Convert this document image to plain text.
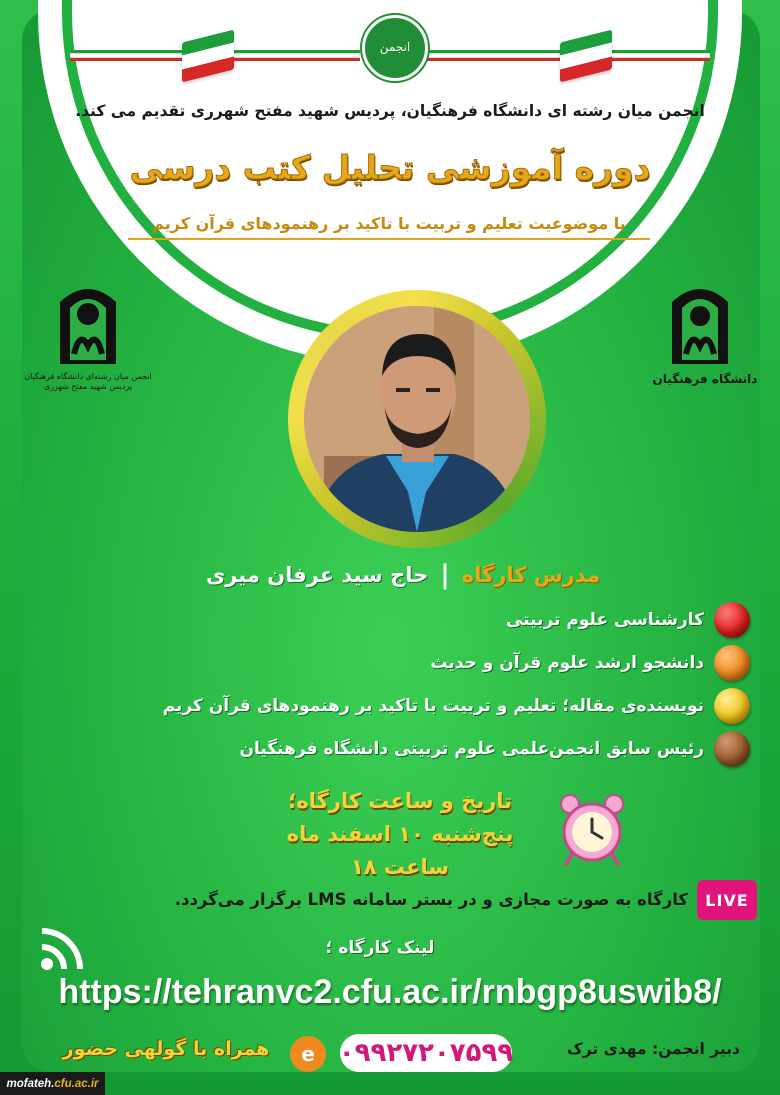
انجمن
انجمن میان رشته ای دانشگاه فرهنگیان، پردیس شهید مفتح شهرری تقدیم می کند.
دوره آموزشی تحلیل کتب درسی
با موضوعیت تعلیم و تربیت با تاکید بر رهنمودهای قرآن کریم
انجمن میان رشته‌ای دانشگاه فرهنگیان
پردیس شهید مفتح شهرری
دانشگاه فرهنگیان
مدرس کارگاه
|
حاج سید عرفان میری
کارشناسی علوم تربیتی
دانشجو ارشد علوم قرآن و حدیث
نویسنده‌ی مقاله؛ تعلیم و تربیت با تاکید بر رهنمودهای قرآن کریم
رئیس سابق انجمن‌علمی علوم تربیتی دانشگاه فرهنگیان
تاریخ و ساعت کارگاه؛
پنج‌شنبه ۱۰ اسفند ماه
ساعت ۱۸
LIVE
کارگاه به صورت مجازی و در بستر سامانه LMS برگزار می‌گردد.
لینک کارگاه ؛
https://tehranvc2.cfu.ac.ir/rnbgp8uswib8/
دبیر انجمن: مهدی ترک
۰۹۹۲۷۲۰۷۵۹۹
e
همراه با گولهی حضور
mofateh. cfu.ac.ir
